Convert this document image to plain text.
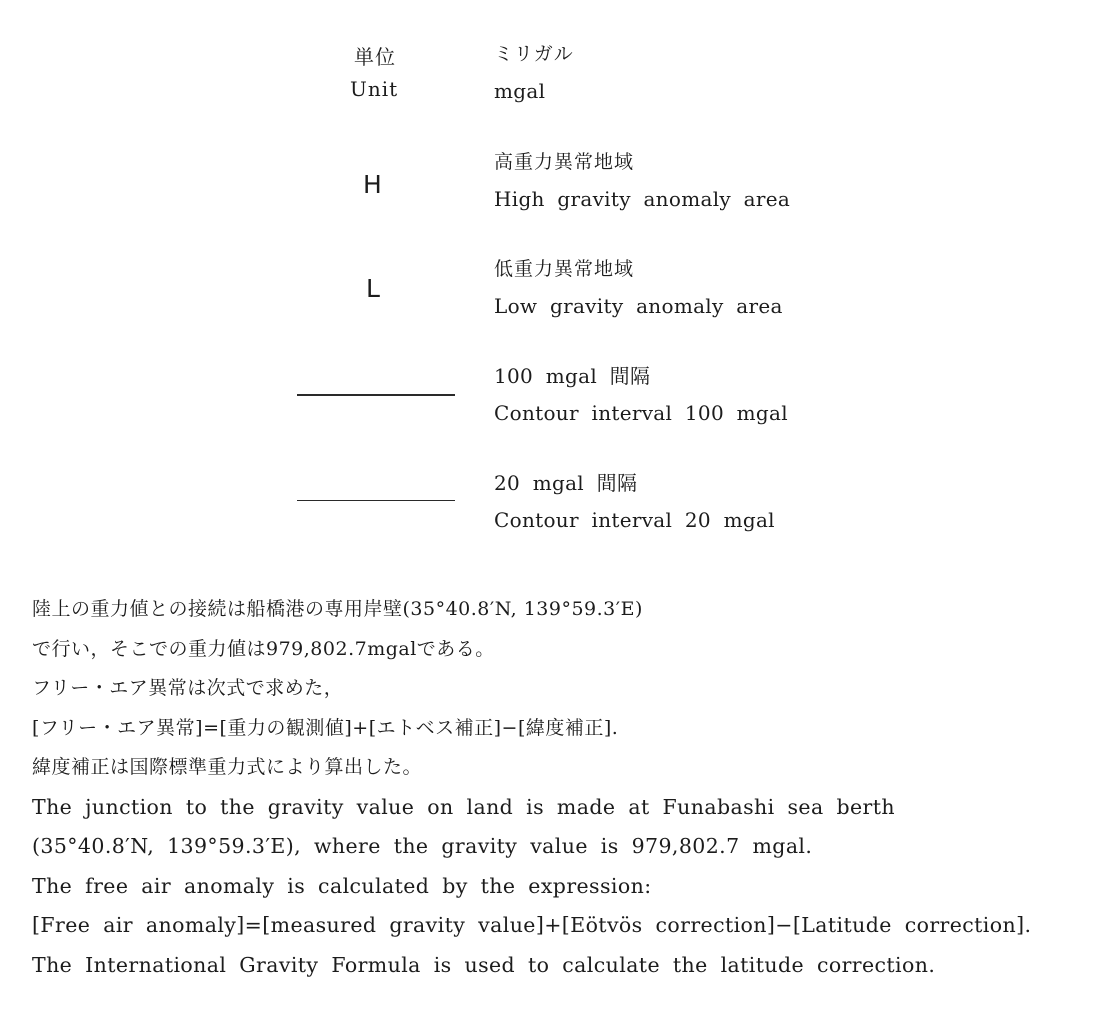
単位
Unit
ミリガル
mgal
H
高重力異常地域
High gravity anomaly area
L
低重力異常地域
Low gravity anomaly area
100 mgal 間隔
Contour interval 100 mgal
20 mgal 間隔
Contour interval 20 mgal
陸上の重力値との接続は船橋港の専用岸壁(35°40.8′N, 139°59.3′E)
で行い，そこでの重力値は979,802.7mgalである。
フリー・エア異常は次式で求めた，
[フリー・エア異常]=[重力の観測値]+[エトベス補正]−[緯度補正].
緯度補正は国際標準重力式により算出した。
The junction to the gravity value on land is made at Funabashi sea berth
(35°40.8′N, 139°59.3′E), where the gravity value is 979,802.7 mgal.
The free air anomaly is calculated by the expression:
[Free air anomaly]=[measured gravity value]+[Eötvös correction]−[Latitude correction].
The International Gravity Formula is used to calculate the latitude correction.
